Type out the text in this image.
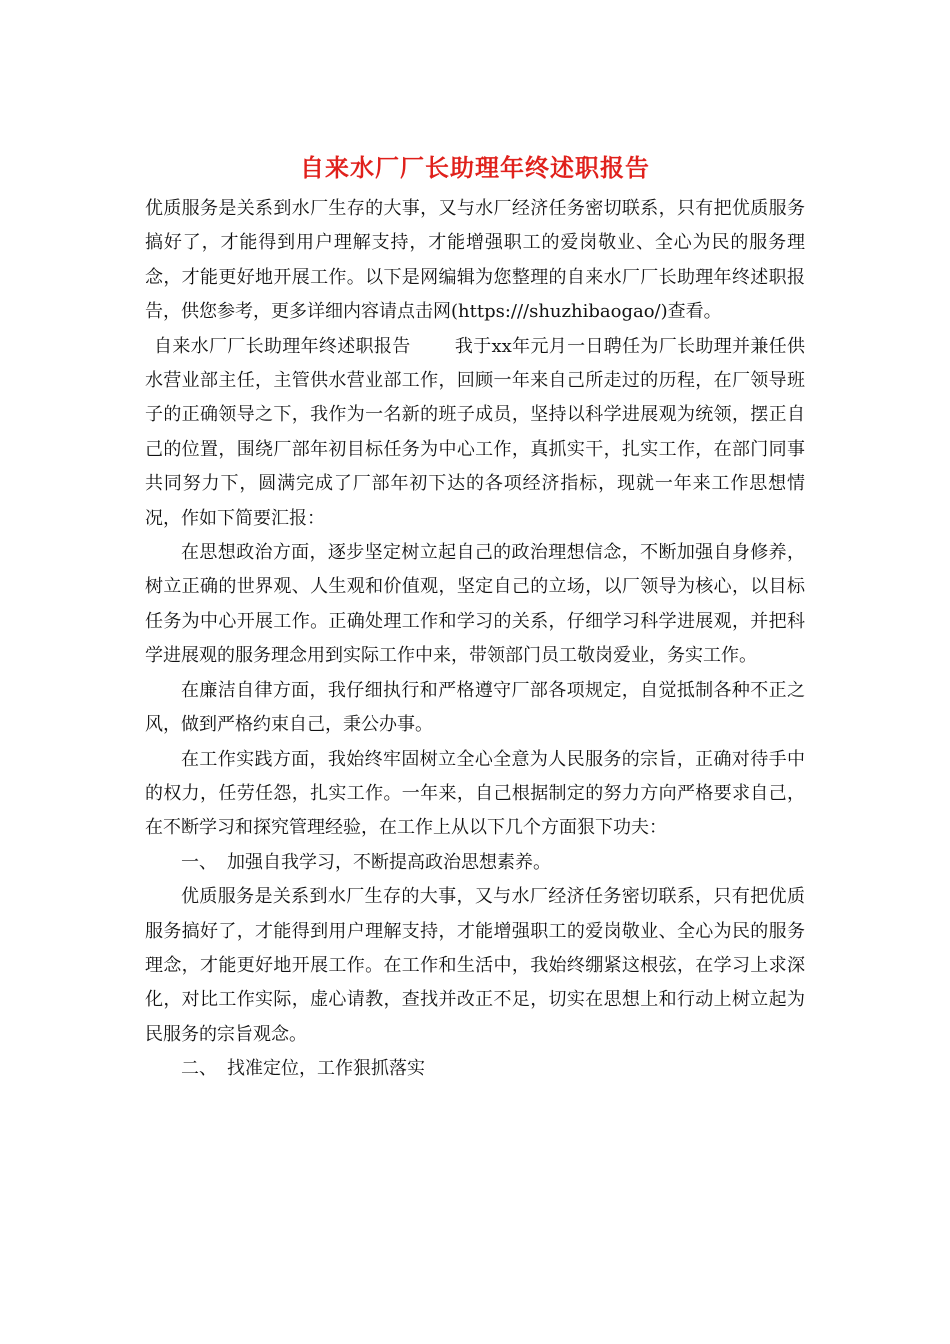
自来水厂厂长助理年终述职报告

优质服务是关系到水厂生存的大事，又与水厂经济任务密切联系，只有把优质服务搞好了，才能得到用户理解支持，才能增强职工的爱岗敬业、全心为民的服务理念，才能更好地开展工作。以下是网编辑为您整理的自来水厂厂长助理年终述职报告，供您参考，更多详细内容请点击网(https:///shuzhibaogao/)查看。

自来水厂厂长助理年终述职报告 我于xx年元月一日聘任为厂长助理并兼任供水营业部主任，主管供水营业部工作，回顾一年来自己所走过的历程，在厂领导班子的正确领导之下，我作为一名新的班子成员，坚持以科学进展观为统领，摆正自己的位置，围绕厂部年初目标任务为中心工作，真抓实干，扎实工作，在部门同事共同努力下，圆满完成了厂部年初下达的各项经济指标，现就一年来工作思想情况，作如下简要汇报：

在思想政治方面，逐步坚定树立起自己的政治理想信念，不断加强自身修养，树立正确的世界观、人生观和价值观，坚定自己的立场，以厂领导为核心，以目标任务为中心开展工作。正确处理工作和学习的关系，仔细学习科学进展观，并把科学进展观的服务理念用到实际工作中来，带领部门员工敬岗爱业，务实工作。

在廉洁自律方面，我仔细执行和严格遵守厂部各项规定，自觉抵制各种不正之风，做到严格约束自己，秉公办事。

在工作实践方面，我始终牢固树立全心全意为人民服务的宗旨，正确对待手中的权力，任劳任怨，扎实工作。一年来，自己根据制定的努力方向严格要求自己，在不断学习和探究管理经验，在工作上从以下几个方面狠下功夫：

一、 加强自我学习，不断提高政治思想素养。

优质服务是关系到水厂生存的大事，又与水厂经济任务密切联系，只有把优质服务搞好了，才能得到用户理解支持，才能增强职工的爱岗敬业、全心为民的服务理念，才能更好地开展工作。在工作和生活中，我始终绷紧这根弦，在学习上求深化，对比工作实际，虚心请教，查找并改正不足，切实在思想上和行动上树立起为民服务的宗旨观念。

二、 找准定位，工作狠抓落实
